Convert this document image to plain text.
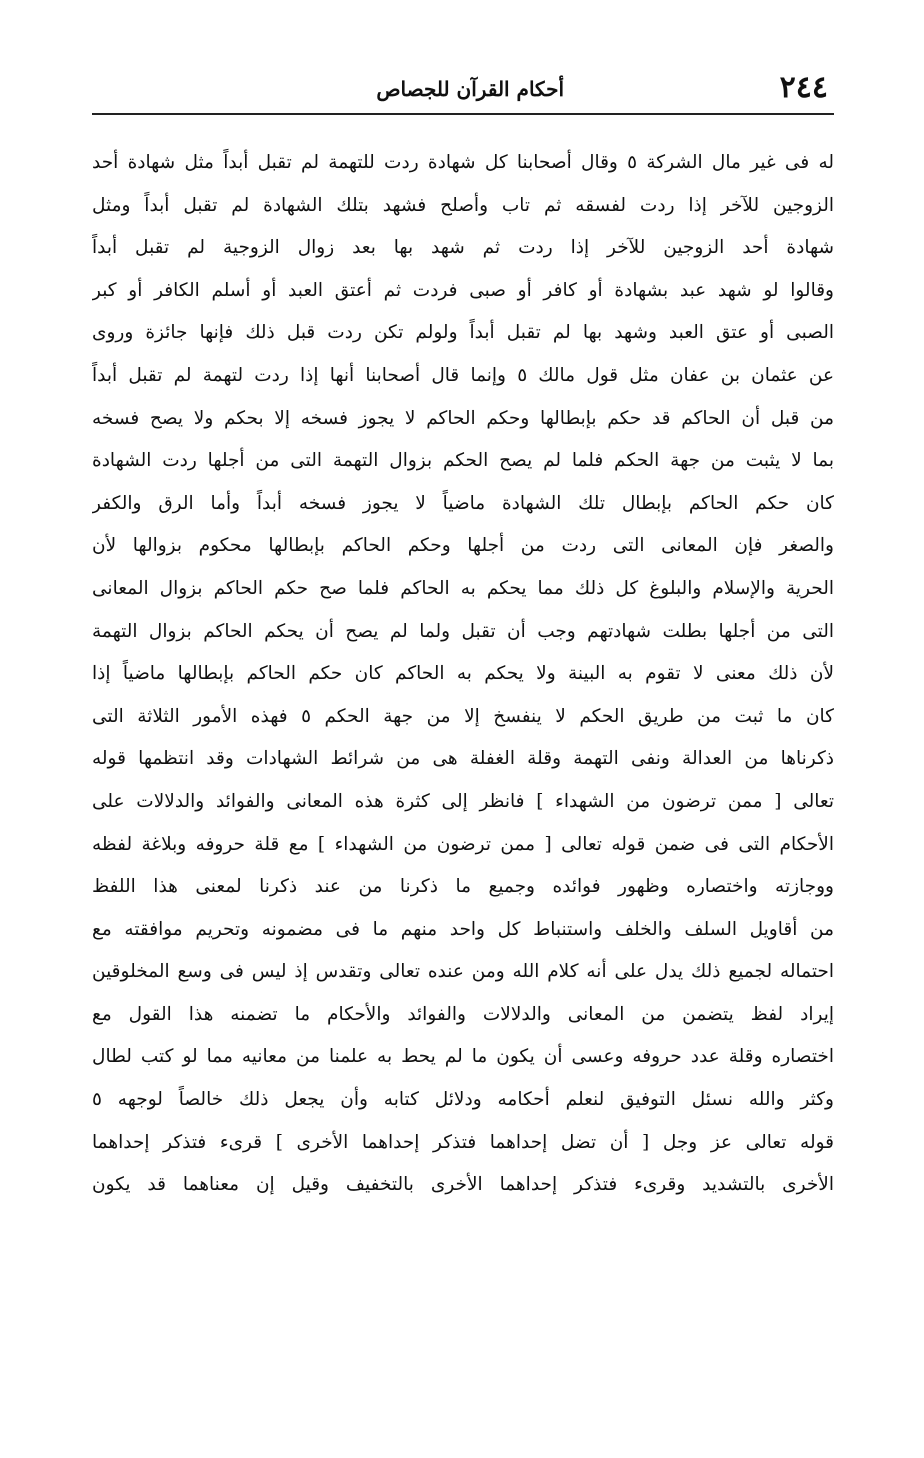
٢٤٤
أحكام القرآن للجصاص
له فى غير مال الشركة ٥ وقال أصحابنا كل شهادة ردت للتهمة لم تقبل أبداً مثل شهادة أحد
الزوجين للآخر إذا ردت لفسقه ثم تاب وأصلح فشهد بتلك الشهادة لم تقبل أبداً ومثل
شهادة أحد الزوجين للآخر إذا ردت ثم شهد بها بعد زوال الزوجية لم تقبل أبداً
وقالوا لو شهد عبد بشهادة أو كافر أو صبى فردت ثم أعتق العبد أو أسلم الكافر أو كبر
الصبى أو عتق العبد وشهد بها لم تقبل أبداً ولولم تكن ردت قبل ذلك فإنها جائزة وروى
عن عثمان بن عفان مثل قول مالك ٥ وإنما قال أصحابنا أنها إذا ردت لتهمة لم تقبل أبداً
من قبل أن الحاكم قد حكم بإبطالها وحكم الحاكم لا يجوز فسخه إلا بحكم ولا يصح فسخه
بما لا يثبت من جهة الحكم فلما لم يصح الحكم بزوال التهمة التى من أجلها ردت الشهادة
كان حكم الحاكم بإبطال تلك الشهادة ماضياً لا يجوز فسخه أبداً وأما الرق والكفر
والصغر فإن المعانى التى ردت من أجلها وحكم الحاكم بإبطالها محكوم بزوالها لأن
الحرية والإسلام والبلوغ كل ذلك مما يحكم به الحاكم فلما صح حكم الحاكم بزوال المعانى
التى من أجلها بطلت شهادتهم وجب أن تقبل ولما لم يصح أن يحكم الحاكم بزوال التهمة
لأن ذلك معنى لا تقوم به البينة ولا يحكم به الحاكم كان حكم الحاكم بإبطالها ماضياً إذا
كان ما ثبت من طريق الحكم لا ينفسخ إلا من جهة الحكم ٥ فهذه الأمور الثلاثة التى
ذكرناها من العدالة ونفى التهمة وقلة الغفلة هى من شرائط الشهادات وقد انتظمها قوله
تعالى [ ممن ترضون من الشهداء ] فانظر إلى كثرة هذه المعانى والفوائد والدلالات على
الأحكام التى فى ضمن قوله تعالى [ ممن ترضون من الشهداء ] مع قلة حروفه وبلاغة لفظه
ووجازته واختصاره وظهور فوائده وجميع ما ذكرنا من عند ذكرنا لمعنى هذا اللفظ
من أقاويل السلف والخلف واستنباط كل واحد منهم ما فى مضمونه وتحريم موافقته مع
احتماله لجميع ذلك يدل على أنه كلام الله ومن عنده تعالى وتقدس إذ ليس فى وسع المخلوقين
إيراد لفظ يتضمن من المعانى والدلالات والفوائد والأحكام ما تضمنه هذا القول مع
اختصاره وقلة عدد حروفه وعسى أن يكون ما لم يحط به علمنا من معانيه مما لو كتب لطال
وكثر والله نسئل التوفيق لنعلم أحكامه ودلائل كتابه وأن يجعل ذلك خالصاً لوجهه ٥
قوله تعالى عز وجل [ أن تضل إحداهما فتذكر إحداهما الأخرى ] قرىء فتذكر إحداهما
الأخرى بالتشديد وقرىء فتذكر إحداهما الأخرى بالتخفيف وقيل إن معناهما قد يكون
